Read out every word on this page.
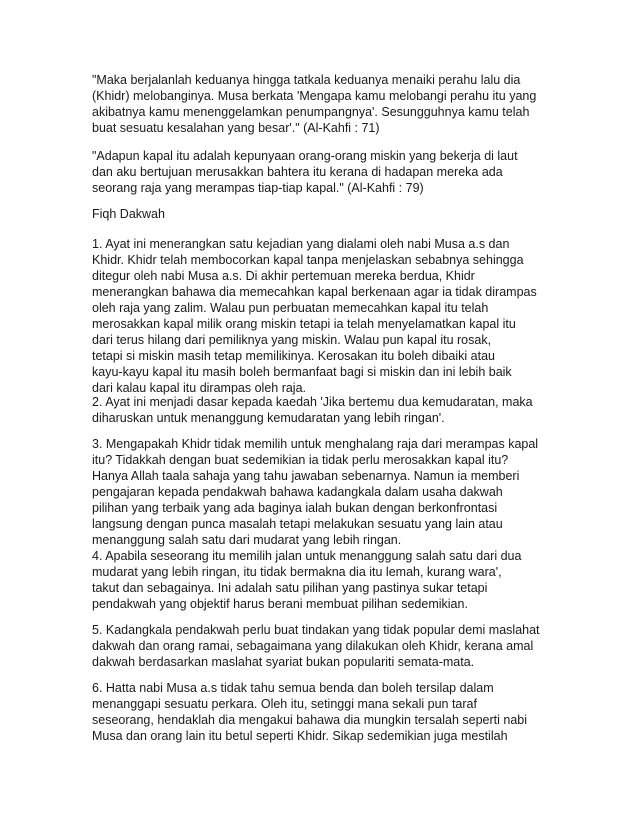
"Maka berjalanlah keduanya hingga tatkala keduanya menaiki perahu lalu dia
(Khidr) melobanginya. Musa berkata 'Mengapa kamu melobangi perahu itu yang
akibatnya kamu menenggelamkan penumpangnya'. Sesungguhnya kamu telah
buat sesuatu kesalahan yang besar'." (Al-Kahfi : 71)
"Adapun kapal itu adalah kepunyaan orang-orang miskin yang bekerja di laut
dan aku bertujuan merusakkan bahtera itu kerana di hadapan mereka ada
seorang raja yang merampas tiap-tiap kapal." (Al-Kahfi : 79)
Fiqh Dakwah
1. Ayat ini menerangkan satu kejadian yang dialami oleh nabi Musa a.s dan
Khidr. Khidr telah membocorkan kapal tanpa menjelaskan sebabnya sehingga
ditegur oleh nabi Musa a.s. Di akhir pertemuan mereka berdua, Khidr
menerangkan bahawa dia memecahkan kapal berkenaan agar ia tidak dirampas
oleh raja yang zalim. Walau pun perbuatan memecahkan kapal itu telah
merosakkan kapal milik orang miskin tetapi ia telah menyelamatkan kapal itu
dari terus hilang dari pemiliknya yang miskin. Walau pun kapal itu rosak,
tetapi si miskin masih tetap memilikinya. Kerosakan itu boleh dibaiki atau
kayu-kayu kapal itu masih boleh bermanfaat bagi si miskin dan ini lebih baik
dari kalau kapal itu dirampas oleh raja.
2. Ayat ini menjadi dasar kepada kaedah 'Jika bertemu dua kemudaratan, maka
diharuskan untuk menanggung kemudaratan yang lebih ringan'.
3. Mengapakah Khidr tidak memilih untuk menghalang raja dari merampas kapal
itu? Tidakkah dengan buat sedemikian ia tidak perlu merosakkan kapal itu?
Hanya Allah taala sahaja yang tahu jawaban sebenarnya. Namun ia memberi
pengajaran kepada pendakwah bahawa kadangkala dalam usaha dakwah
pilihan yang terbaik yang ada baginya ialah bukan dengan berkonfrontasi
langsung dengan punca masalah tetapi melakukan sesuatu yang lain atau
menanggung salah satu dari mudarat yang lebih ringan.
4. Apabila seseorang itu memilih jalan untuk menanggung salah satu dari dua
mudarat yang lebih ringan, itu tidak bermakna dia itu lemah, kurang wara',
takut dan sebagainya. Ini adalah satu pilihan yang pastinya sukar tetapi
pendakwah yang objektif harus berani membuat pilihan sedemikian.
5. Kadangkala pendakwah perlu buat tindakan yang tidak popular demi maslahat
dakwah dan orang ramai, sebagaimana yang dilakukan oleh Khidr, kerana amal
dakwah berdasarkan maslahat syariat bukan populariti semata-mata.
6. Hatta nabi Musa a.s tidak tahu semua benda dan boleh tersilap dalam
menanggapi sesuatu perkara. Oleh itu, setinggi mana sekali pun taraf
seseorang, hendaklah dia mengakui bahawa dia mungkin tersalah seperti nabi
Musa dan orang lain itu betul seperti Khidr. Sikap sedemikian juga mestilah
